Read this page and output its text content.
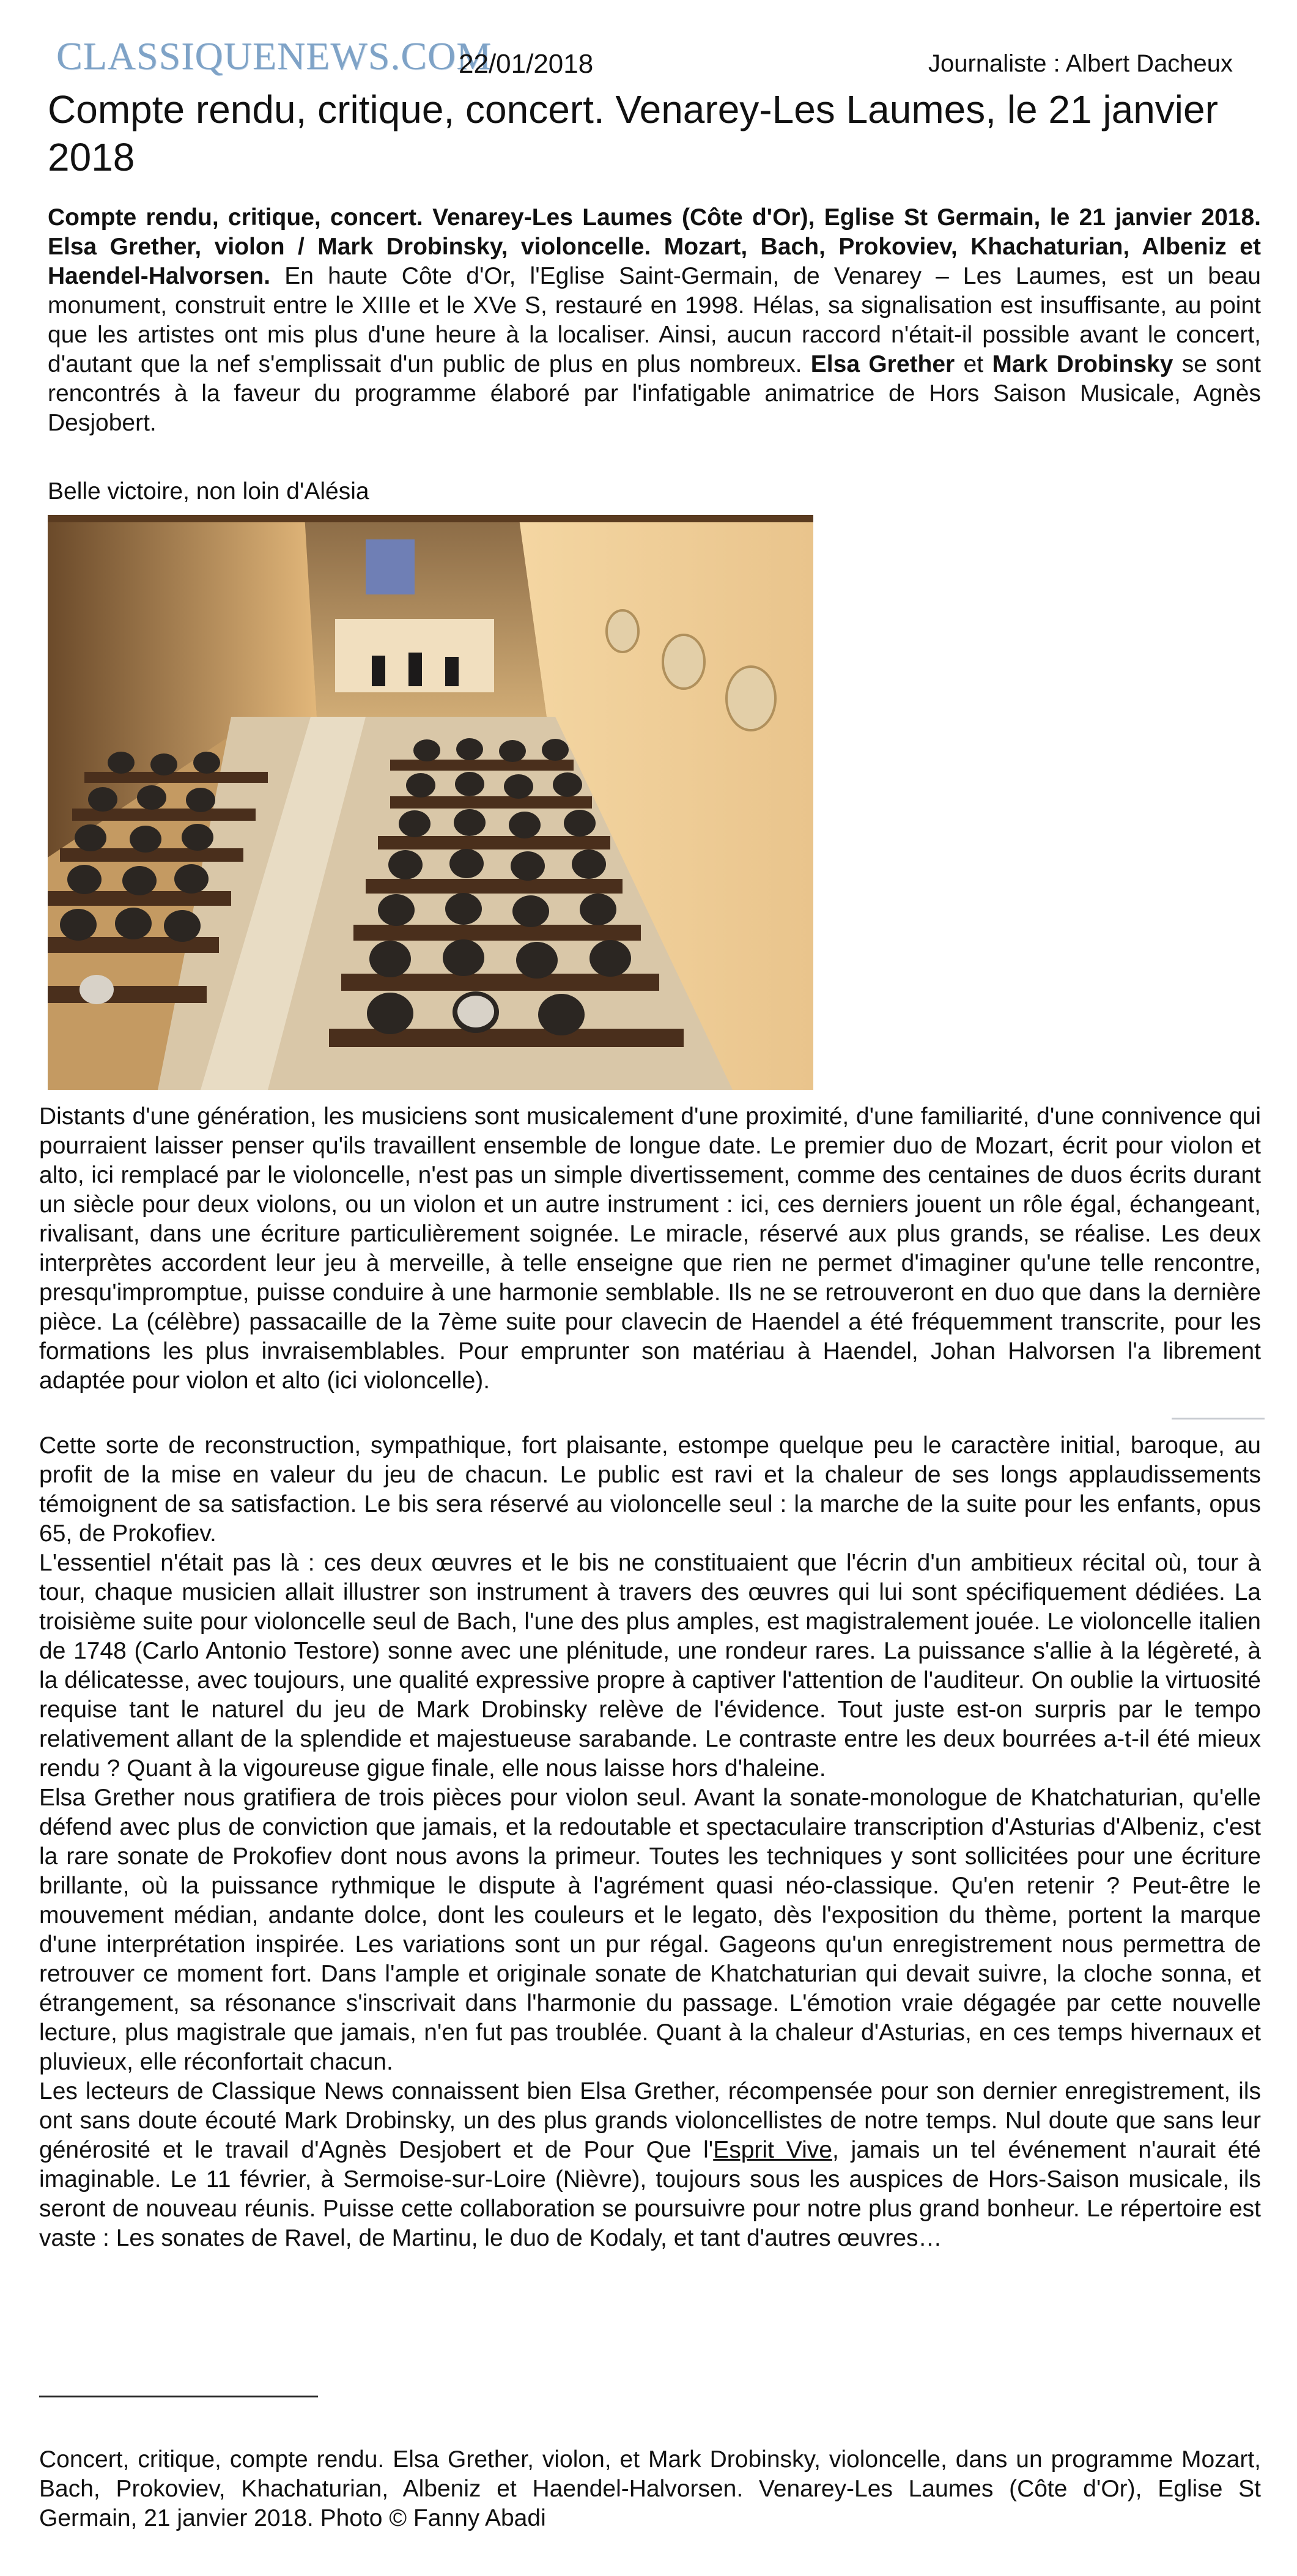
CLASSIQUENEWS.COM
22/01/2018	Journaliste : Albert Dacheux
Compte rendu, critique, concert. Venarey-Les Laumes, le 21 janvier 2018

Compte rendu, critique, concert. Venarey-Les Laumes (Côte d'Or), Eglise St Germain, le 21 janvier 2018. Elsa Grether, violon / Mark Drobinsky, violoncelle. Mozart, Bach, Prokoviev, Khachaturian, Albeniz et Haendel-Halvorsen. En haute Côte d'Or, l'Eglise Saint-Germain, de Venarey – Les Laumes, est un beau monument, construit entre le XIIIe et le XVe S, restauré en 1998. Hélas, sa signalisation est insuffisante, au point que les artistes ont mis plus d'une heure à la localiser. Ainsi, aucun raccord n'était-il possible avant le concert, d'autant que la nef s'emplissait d'un public de plus en plus nombreux. Elsa Grether et Mark Drobinsky se sont rencontrés à la faveur du programme élaboré par l'infatigable animatrice de Hors Saison Musicale, Agnès Desjobert.

Belle victoire, non loin d'Alésia

Distants d'une génération, les musiciens sont musicalement d'une proximité, d'une familiarité, d'une connivence qui pourraient laisser penser qu'ils travaillent ensemble de longue date. Le premier duo de Mozart, écrit pour violon et alto, ici remplacé par le violoncelle, n'est pas un simple divertissement, comme des centaines de duos écrits durant un siècle pour deux violons, ou un violon et un autre instrument : ici, ces derniers jouent un rôle égal, échangeant, rivalisant, dans une écriture particulièrement soignée. Le miracle, réservé aux plus grands, se réalise. Les deux interprètes accordent leur jeu à merveille, à telle enseigne que rien ne permet d'imaginer qu'une telle rencontre, presqu'impromptue, puisse conduire à une harmonie semblable. Ils ne se retrouveront en duo que dans la dernière pièce. La (célèbre) passacaille de la 7ème suite pour clavecin de Haendel a été fréquemment transcrite, pour les formations les plus invraisemblables. Pour emprunter son matériau à Haendel, Johan Halvorsen l'a librement adaptée pour violon et alto (ici violoncelle).

Cette sorte de reconstruction, sympathique, fort plaisante, estompe quelque peu le caractère initial, baroque, au profit de la mise en valeur du jeu de chacun. Le public est ravi et la chaleur de ses longs applaudissements témoignent de sa satisfaction. Le bis sera réservé au violoncelle seul : la marche de la suite pour les enfants, opus 65, de Prokofiev.
L'essentiel n'était pas là : ces deux œuvres et le bis ne constituaient que l'écrin d'un ambitieux récital où, tour à tour, chaque musicien allait illustrer son instrument à travers des œuvres qui lui sont spécifiquement dédiées. La troisième suite pour violoncelle seul de Bach, l'une des plus amples, est magistralement jouée. Le violoncelle italien de 1748 (Carlo Antonio Testore) sonne avec une plénitude, une rondeur rares. La puissance s'allie à la légèreté, à la délicatesse, avec toujours, une qualité expressive propre à captiver l'attention de l'auditeur. On oublie la virtuosité requise tant le naturel du jeu de Mark Drobinsky relève de l'évidence. Tout juste est-on surpris par le tempo relativement allant de la splendide et majestueuse sarabande. Le contraste entre les deux bourrées a-t-il été mieux rendu ? Quant à la vigoureuse gigue finale, elle nous laisse hors d'haleine.
Elsa Grether nous gratifiera de trois pièces pour violon seul. Avant la sonate-monologue de Khatchaturian, qu'elle défend avec plus de conviction que jamais, et la redoutable et spectaculaire transcription d'Asturias d'Albeniz, c'est la rare sonate de Prokofiev dont nous avons la primeur. Toutes les techniques y sont sollicitées pour une écriture brillante, où la puissance rythmique le dispute à l'agrément quasi néo-classique. Qu'en retenir ? Peut-être le mouvement médian, andante dolce, dont les couleurs et le legato, dès l'exposition du thème, portent la marque d'une interprétation inspirée. Les variations sont un pur régal. Gageons qu'un enregistrement nous permettra de retrouver ce moment fort. Dans l'ample et originale sonate de Khatchaturian qui devait suivre, la cloche sonna, et étrangement, sa résonance s'inscrivait dans l'harmonie du passage. L'émotion vraie dégagée par cette nouvelle lecture, plus magistrale que jamais, n'en fut pas troublée. Quant à la chaleur d'Asturias, en ces temps hivernaux et pluvieux, elle réconfortait chacun.
Les lecteurs de Classique News connaissent bien Elsa Grether, récompensée pour son dernier enregistrement, ils ont sans doute écouté Mark Drobinsky, un des plus grands violoncellistes de notre temps. Nul doute que sans leur générosité et le travail d'Agnès Desjobert et de Pour Que l'Esprit Vive, jamais un tel événement n'aurait été imaginable. Le 11 février, à Sermoise-sur-Loire (Nièvre), toujours sous les auspices de Hors-Saison musicale, ils seront de nouveau réunis. Puisse cette collaboration se poursuivre pour notre plus grand bonheur. Le répertoire est vaste : Les sonates de Ravel, de Martinu, le duo de Kodaly, et tant d'autres œuvres…

Concert, critique, compte rendu. Elsa Grether, violon, et Mark Drobinsky, violoncelle, dans un programme Mozart, Bach, Prokoviev, Khachaturian, Albeniz et Haendel-Halvorsen. Venarey-Les Laumes (Côte d'Or), Eglise St Germain, 21 janvier 2018. Photo © Fanny Abadi
